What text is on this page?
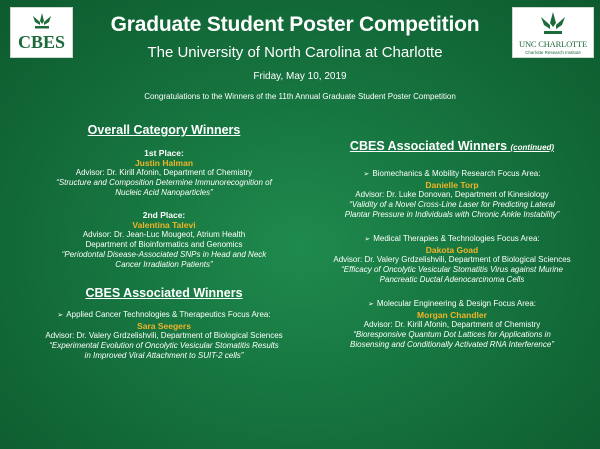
CBES	UNC CHARLOTTE
Charlotte Research Institute
Graduate Student Poster Competition
The University of North Carolina at Charlotte
Friday, May 10, 2019
Congratulations to the Winners of the 11th Annual Graduate Student Poster Competition
Overall Category Winners
1st Place:
Justin Halman
Advisor: Dr. Kirill Afonin, Department of Chemistry
“Structure and Composition Determine Immunorecognition of
Nucleic Acid Nanoparticles”
2nd Place:
Valentina Talevi
Advisor: Dr. Jean-Luc Mougeot, Atrium Health
Department of Bioinformatics and Genomics
“Periodontal Disease-Associated SNPs in Head and Neck
Cancer Irradiation Patients”
CBES Associated Winners
➢ Applied Cancer Technologies & Therapeutics Focus Area:
Sara Seegers
Advisor: Dr. Valery Grdzelishvili, Department of Biological Sciences
“Experimental Evolution of Oncolytic Vesicular Stomatitis Results
in Improved Viral Attachment to SUIT-2 cells”
CBES Associated Winners (continued)
➢ Biomechanics & Mobility Research Focus Area:
Danielle Torp
Advisor: Dr. Luke Donovan, Department of Kinesiology
“Validity of a Novel Cross-Line Laser for Predicting Lateral
Plantar Pressure in Individuals with Chronic Ankle Instability”
➢ Medical Therapies & Technologies Focus Area:
Dakota Goad
Advisor: Dr. Valery Grdzelishvili, Department of Biological Sciences
“Efficacy of Oncolytic Vesicular Stomatitis Virus against Murine
Pancreatic Ductal Adenocarcinoma Cells
➢ Molecular Engineering & Design Focus Area:
Morgan Chandler
Advisor: Dr. Kirill Afonin, Department of Chemistry
“Bioresponsive Quantum Dot Lattices for Applications in
Biosensing and Conditionally Activated RNA Interference”
